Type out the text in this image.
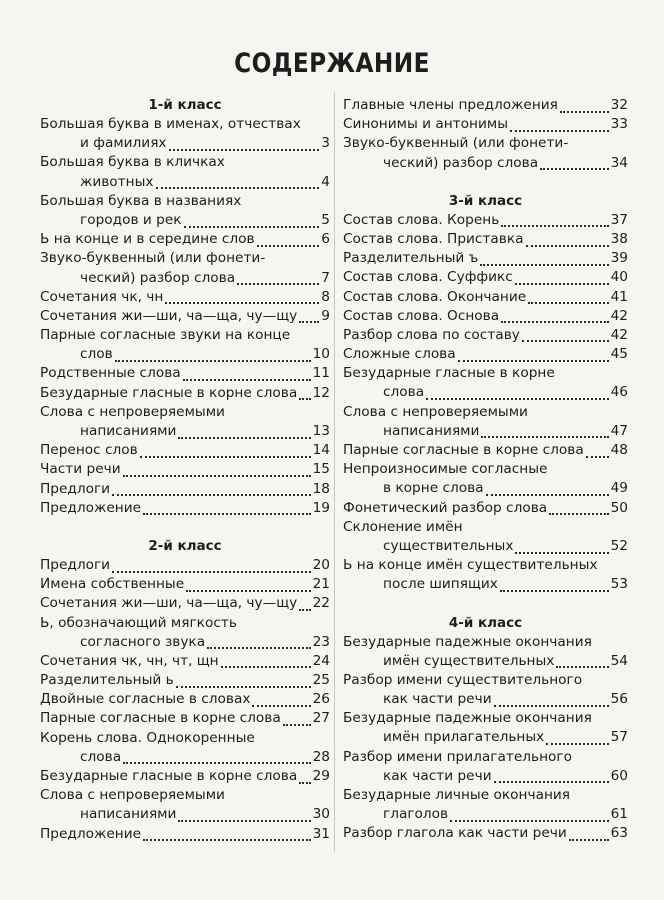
СОДЕРЖАНИЕ
1-й класс
Большая буква в именах, отчествах
и фамилиях	3
Большая буква в кличках
животных	4
Большая буква в названиях
городов и рек	5
Ь на конце и в середине слов	6
Звуко-буквенный (или фонети-
ческий) разбор слова	7
Сочетания чк, чн	8
Сочетания жи—ши, ча—ща, чу—щу 9
Парные согласные звуки на конце
слов	10
Родственные слова	11
Безударные гласные в корне слова 12
Слова с непроверяемыми
написаниями	13
Перенос слов	14
Части речи	15
Предлоги	18
Предложение	19
2-й класс
Предлоги	20
Имена собственные	21
Сочетания жи—ши, ча—ща, чу—щу 22
Ь, обозначающий мягкость
согласного звука	23
Сочетания чк, чн, чт, щн	24
Разделительный ь	25
Двойные согласные в словах	26
Парные согласные в корне слова 27
Корень слова. Однокоренные
слова	28
Безударные гласные в корне слова 29
Слова с непроверяемыми
написаниями	30
Предложение	31
Главные члены предложения	32
Синонимы и антонимы	33
Звуко-буквенный (или фонети-
ческий) разбор слова	34
3-й класс
Состав слова. Корень	37
Состав слова. Приставка	38
Разделительный ъ	39
Состав слова. Суффикс	40
Состав слова. Окончание	41
Состав слова. Основа	42
Разбор слова по составу	42
Сложные слова	45
Безударные гласные в корне
слова	46
Слова с непроверяемыми
написаниями	47
Парные согласные в корне слова 48
Непроизносимые согласные
в корне слова	49
Фонетический разбор слова	50
Склонение имён
существительных	52
Ь на конце имён существительных
после шипящих	53
4-й класс
Безударные падежные окончания
имён существительных	54
Разбор имени существительного
как части речи	56
Безударные падежные окончания
имён прилагательных	57
Разбор имени прилагательного
как части речи	60
Безударные личные окончания
глаголов	61
Разбор глагола как части речи	63
